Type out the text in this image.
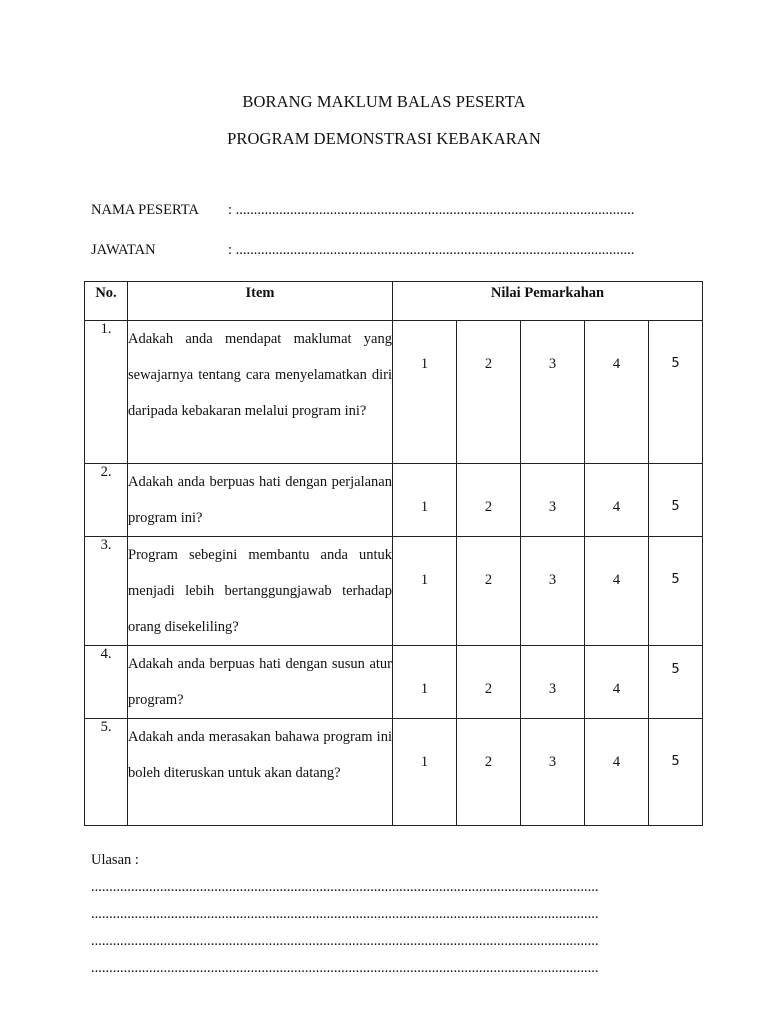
BORANG MAKLUM BALAS PESERTA
PROGRAM DEMONSTRASI KEBAKARAN
NAMA PESERTA : ..............................................................................................................
JAWATAN	: ..............................................................................................................
No.	Item	Nilai Pemarkahan				
1.	Adakah anda mendapat maklumat yang sewajarnya tentang cara menyelamatkan diri daripada kebakaran melalui program ini?	1	2	3	4	5

2.	Adakah anda berpuas hati dengan perjalanan program ini?	1	2	3	4	5

3.	Program sebegini membantu anda untuk menjadi lebih bertanggungjawab terhadap orang disekeliling?	1	2	3	4	5

4.	Adakah anda berpuas hati dengan susun atur program?	1	2	3	4	5

5.	Adakah anda merasakan bahawa program ini boleh diteruskan untuk akan datang?	1	2	3	4	5
Ulasan :
............................................................................................................................................
............................................................................................................................................
............................................................................................................................................
............................................................................................................................................
